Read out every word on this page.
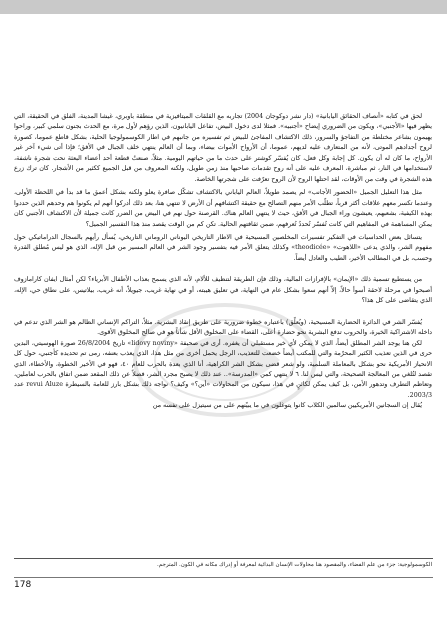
لحق في كتابه «أنصاف الحقائق اليابانية» (دار نشر دوكوجان 2004) تجاربه مع القلقات الميتافيزية في منطقة باوبري، غيشا المدينة، الفلق في الحقيقة، التي يظهر فيها «الأجنبي»، ويكون من الضروري إيضاح «أجنبيه». فمثلا لدى دخول البيض، تفاعل اليابانيون، الذين رؤهم لأول مرة، مع الحدث بجنون سلمي كبير، وراحوا يهيمون بشاعر مختلطة من التفاجؤ والسرور، ذلك الاكتشاف المفاجئ للبيض ثم تفسيره من جانبهم في اطار الكوسمولوجيا الحلية، بشكل قاطع عموما، كصورة لروح أجدادهم الموتى، لأنه من المتعارف عليه لديهم، عموما، أن الأرواح الأموات بيضاء، وبما أن العالم ينتهي خلف الجبال في الأفق؛ فإذا أتى شيء آخر غير الأرواح، ما كان له أن يكون. كل إجابة وكل فعل، كان يُفسّر كوشتر على حدث ما من حياتهم اليومية. مثلاً، صنعتُ قطعة أحد أعضاء البعثة نحت شجرة ناشفة، لاستخدامها في النار، ثم مباشرة، المعرف عليه على أنه روح تقدمات صاحبها منذ زمن طويل، ولكنه المعروف من قبل الجميع ككثير من الأشجار. كان ترك زرع هذه الشجرة في وقت من الأوقات، لقد احتلها الروح لأن الروح تعرّفت على شجرتها الخاصة.

مثل هذا التعليل الجميل «الحضور الأجانب» لم يصمد طويلاً، العالم الياباني بالاكتشاف تشكّل صافرة يعلو ولكنه بشكل أعمق ما قد بدأ في اللحظة الأولى، وعندما تكسر معهم علاقات أكثر قرباً، تطلّب الأمر منهم التصالح مع حقيقة اكتشافهم أن الأرض لا تنتهي هنا، بعد ذلك أدركوا أنهم لم يكونوا هم وحدهم الذين حددوا بهذه الكيفية، بشعبهم، يعيشون وراء الجبال في الأفق، حيث لا ينتهي العالم هناك. القرصنة حول نهم في البيض من الضرر كانت جميلة لأن الاكتشاف الأجنبي كان يمكن المساهمة في المفاهيم التي كانت تُفسّر تُحددُ تُعرفهم، ضمن ثقافتهم الحالية. تكن كم من الوقت يقصد منذ هذا التفسير الجميل؟

يتسائل بعض الحداسيات في التفكير تفسيرات المخلصين المسيحية في الاطار التاريخي اليوناني الروماني التاريخي، يُسأل رأيهم بالسجال الدراماتيكي حول مفهوم الشر، والذي يدعى «اللاهوت» «theodicée» وكذلك يتعلق الأمر فيه بتفسير وجود الشر في العالم المسير من قبل الإله، الذي هو ليس مُطلق القدرة وحسب، بل في المطالب الأخير، الطيب والعادل أيضاً.

من يستطيع تسمية ذلك «الإيمان» بالإفرازات المالية، وذلك فإن الطريقة لتنظيف للألام، لأنه الذي يسمح بعذاب الأطفال الأبرياء؟ لكن أمثال ايفان كارامازوف أصبحوا في مرحلة لاحقة أسوأ حالاً، إلاّ أنهم سعوا بشكل عام في النهاية، في تعليق هيبته، أو في نهاية غريب، جيويلاّ، أنه غريب، بيلاتيس، على نطاق حي، الإله، الذي يتقاضى على كل هذا؟

يُفسّر الشر في الدائرة الحضارية المسيحية، (ويُعلّق) باعتباره خطوة ضرورية على طريق إنقاذ البشرية. مثلاً، التراكم الإنساني الظالم هو الشر الذي تدعم في داخله الاشتراكية الخيرة، والحروب تدفع البشرية نحو حضارة أعلى، القضاء على المخلوق الأقل شأناً هو في صالح المخلوق الأقوى.

لكن هنا يوجد الشر المطلق أيضاً، الذي لا يمكن لأي خير مستقبلي أن يغفره. أرى في صحيفة «lidovy noviny» تاريخ 26/8/2004 صورة الهوسيتي، البدين حرى في الذين تعذيب الكثير المحرّمة والتي للمكتب أيضاً خضعت للتعذيب، الرجل يحمل أخرى من مثل هذا، الذي يعذب بعنفه، رمى تم تحديده كأجنبي، حول كل الانحياز الأمريكية نحو بشكل بالمعاملة السلمية، ولو شعر قضى بشكل الشر الكراهية، أنا الذي بعدة بالحرب للعام ٤٠، فهو في الأخير الخطوة، والأخطاء، الذي تقصد لتُلغي من المعالجة الصحيحة، والتي ليس لنا. ٦ لا ينتهي كمن «المدرسة».. عند ذلك لا يصبح مجرد الشر، فضلاً عن ذلك المقعد ضمن اتفاق بالحرب لعاملين، وتعاظم التطرف وتدهور الأمن، بل كيف يمكن لكائنٍ في هذا، سيكون من المحاولات «أين؟» وكيف؟ نواجه ذلك بشكل بارز للعامة بالسيطرة revui Aluze عدد 2003/3.

يُقال إن السجانين الأمريكيين سالمين الكلاب كانوا يتوغلون في ما يبيّنهم على من سيتيزل على نفسه من

الكوسمولوجية: جزء من علم الفضاء، والمقصود هنا محاولات الإنسان البدائية لمعرفة أو إدراك مكانه في الكون. المترجم.
178
